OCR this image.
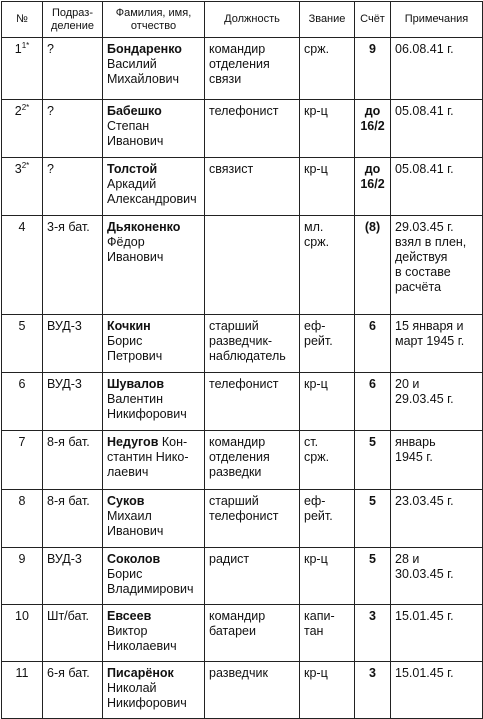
№	Подраз-
деление	Фамилия, имя,
отчество	Должность	Звание	Счёт	Примечания
1$^{1*}$	?	Бондаренко
Василий
Михайлович	командир
отделения
связи	срж.	9	06.08.41 г.

2$^{2*}$	?	Бабешко
Степан
Иванович	телефонист	кр-ц	до
16/2	05.08.41 г.

3$^{2*}$	?	Толстой
Аркадий
Александрович	связист	кр-ц	до
16/2	05.08.41 г.

4	3-я бат.	Дьяконенко
Фёдор
Иванович		мл.
срж.	(8)	29.03.45 г.
взял в плен,
действуя
в составе
расчёта

5	ВУД-3	Кочкин
Борис
Петрович	старший
разведчик-
наблюдатель	еф-
рейт.	6	15 января и
март 1945 г.

6	ВУД-3	Шувалов
Валентин
Никифорович	телефонист	кр-ц	6	20 и
29.03.45 г.

7	8-я бат.	Недугов Кон-
стантин Нико-
лаевич	командир
отделения
разведки	ст.
срж.	5	январь
1945 г.

8	8-я бат.	Суков
Михаил
Иванович	старший
телефонист	еф-
рейт.	5	23.03.45 г.

9	ВУД-3	Соколов
Борис
Владимирович	радист	кр-ц	5	28 и
30.03.45 г.

10	Шт/бат.	Евсеев
Виктор
Николаевич	командир
батареи	капи-
тан	3	15.01.45 г.

11	6-я бат.	Писарёнок
Николай
Никифорович	разведчик	кр-ц	3	15.01.45 г.
